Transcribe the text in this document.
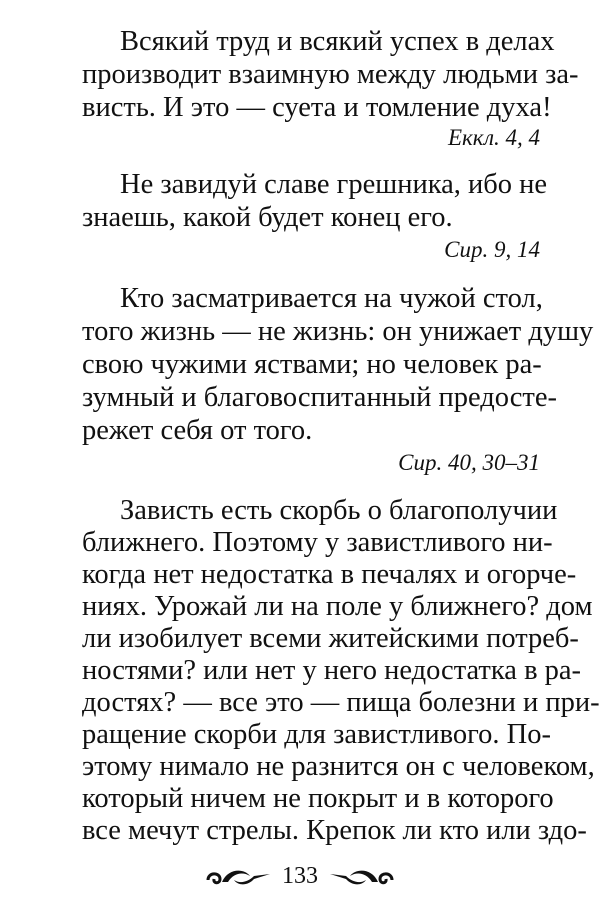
Всякий труд и всякий успех в делах
производит взаимную между людьми за-
висть. И это — суета и томление духа!
Еккл. 4, 4
Не завидуй славе грешника, ибо не
знаешь, какой будет конец его.
Сир. 9, 14
Кто засматривается на чужой стол,
того жизнь — не жизнь: он унижает душу
свою чужими яствами; но человек ра-
зумный и благовоспитанный предосте-
режет себя от того.
Сир. 40, 30–31
Зависть есть скорбь о благополучии
ближнего. Поэтому у завистливого ни-
когда нет недостатка в печалях и огорче-
ниях. Урожай ли на поле у ближнего? дом
ли изобилует всеми житейскими потреб-
ностями? или нет у него недостатка в ра-
достях? — все это — пища болезни и при-
ращение скорби для завистливого. По-
этому нимало не разнится он с человеком,
который ничем не покрыт и в которого
все мечут стрелы. Крепок ли кто или здо-
133
